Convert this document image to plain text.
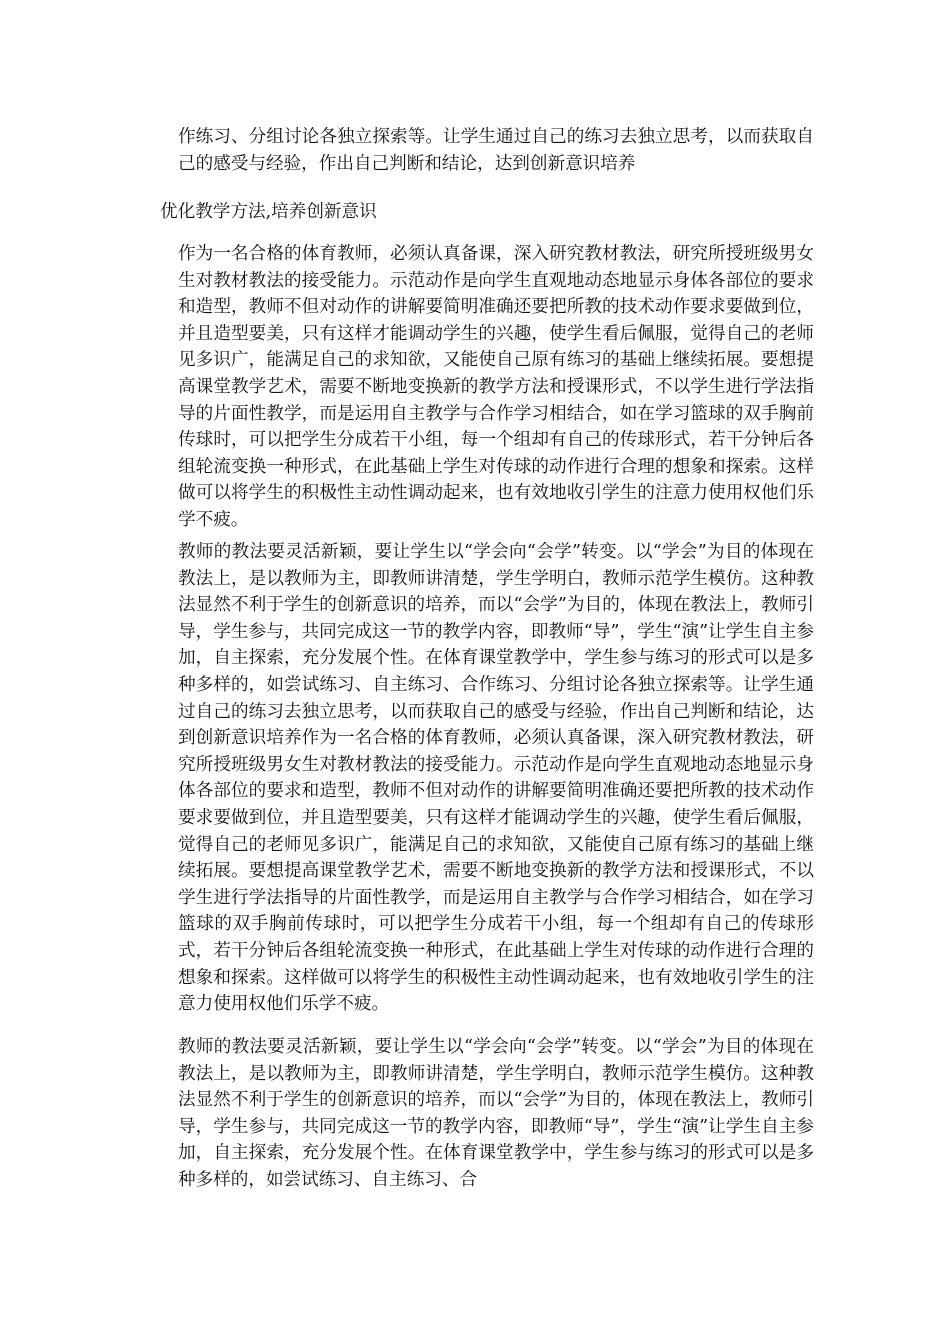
作练习、分组讨论各独立探索等。让学生通过自己的练习去独立思考，以而获取自己的感受与经验，作出自己判断和结论，达到创新意识培养

优化教学方法,培养创新意识

作为一名合格的体育教师，必须认真备课，深入研究教材教法，研究所授班级男女生对教材教法的接受能力。示范动作是向学生直观地动态地显示身体各部位的要求和造型，教师不但对动作的讲解要简明准确还要把所教的技术动作要求要做到位，并且造型要美，只有这样才能调动学生的兴趣，使学生看后佩服，觉得自己的老师见多识广，能满足自己的求知欲，又能使自己原有练习的基础上继续拓展。要想提高课堂教学艺术，需要不断地变换新的教学方法和授课形式，不以学生进行学法指导的片面性教学，而是运用自主教学与合作学习相结合，如在学习篮球的双手胸前传球时，可以把学生分成若干小组，每一个组却有自己的传球形式，若干分钟后各组轮流变换一种形式，在此基础上学生对传球的动作进行合理的想象和探索。这样做可以将学生的积极性主动性调动起来，也有效地收引学生的注意力使用权他们乐学不疲。

教师的教法要灵活新颖，要让学生以“学会向“会学”转变。以“学会”为目的体现在教法上，是以教师为主，即教师讲清楚，学生学明白，教师示范学生模仿。这种教法显然不利于学生的创新意识的培养，而以“会学”为目的，体现在教法上，教师引导，学生参与，共同完成这一节的教学内容，即教师“导”，学生“演”让学生自主参加，自主探索，充分发展个性。在体育课堂教学中，学生参与练习的形式可以是多种多样的，如尝试练习、自主练习、合作练习、分组讨论各独立探索等。让学生通过自己的练习去独立思考，以而获取自己的感受与经验，作出自己判断和结论，达到创新意识培养作为一名合格的体育教师，必须认真备课，深入研究教材教法，研究所授班级男女生对教材教法的接受能力。示范动作是向学生直观地动态地显示身体各部位的要求和造型，教师不但对动作的讲解要简明准确还要把所教的技术动作要求要做到位，并且造型要美，只有这样才能调动学生的兴趣，使学生看后佩服，觉得自己的老师见多识广，能满足自己的求知欲，又能使自己原有练习的基础上继续拓展。要想提高课堂教学艺术，需要不断地变换新的教学方法和授课形式，不以学生进行学法指导的片面性教学，而是运用自主教学与合作学习相结合，如在学习篮球的双手胸前传球时，可以把学生分成若干小组，每一个组却有自己的传球形式，若干分钟后各组轮流变换一种形式，在此基础上学生对传球的动作进行合理的想象和探索。这样做可以将学生的积极性主动性调动起来，也有效地收引学生的注意力使用权他们乐学不疲。

教师的教法要灵活新颖，要让学生以“学会向“会学”转变。以“学会”为目的体现在教法上，是以教师为主，即教师讲清楚，学生学明白，教师示范学生模仿。这种教法显然不利于学生的创新意识的培养，而以“会学”为目的，体现在教法上，教师引导，学生参与，共同完成这一节的教学内容，即教师“导”，学生“演”让学生自主参加，自主探索，充分发展个性。在体育课堂教学中，学生参与练习的形式可以是多种多样的，如尝试练习、自主练习、合
